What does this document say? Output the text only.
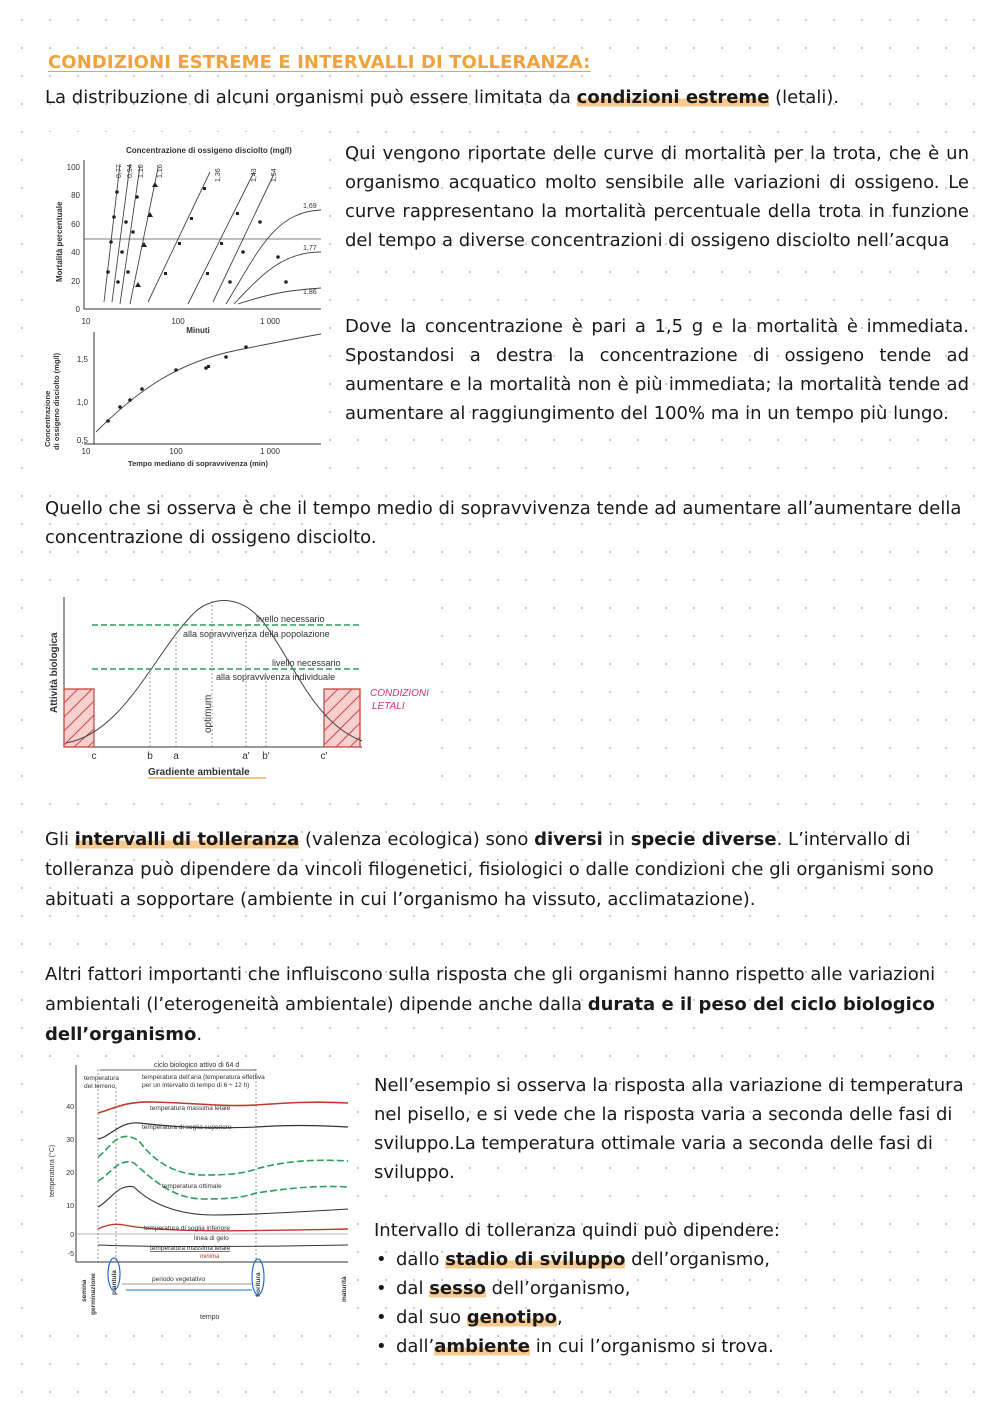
CONDIZIONI ESTREME E INTERVALLI DI TOLLERANZA:
La distribuzione di alcuni organismi può essere limitata da condizioni estreme (letali).
Concentrazione di ossigeno disciolto (mg/l)
Mortalità percentuale
100
80
60
40
20
0
10	100	1 000
Minuti
0,77 0,94 1,10 1,16	1,36	1,43 1,54
1,69
1,77
1,86
Concentrazione di ossigeno disciolto (mg/l) 1,5
1,0
0,5
10	100	1 000
Tempo mediano di sopravvivenza (min)
Qui vengono riportate delle curve di mortalità per la trota, che è un organismo acquatico molto sensibile alle variazioni di ossigeno. Le curve rappresentano la mortalità percentuale della trota in funzione del tempo a diverse concentrazioni di ossigeno disciolto nell’acqua
Dove la concentrazione è pari a 1,5 g e la mortalità è immediata. Spostandosi a destra la concentrazione di ossigeno tende ad aumentare e la mortalità non è più immediata; la mortalità tende ad aumentare al raggiungimento del 100% ma in un tempo più lungo.
Quello che si osserva è che il tempo medio di sopravvivenza tende ad aumentare all’aumentare della concentrazione di ossigeno disciolto.
Attività biologica
livello necessario
alla sopravvivenza della popolazione
livello necessario
alla sopravvivenza individuale
optimum
c	b a	a' b'	c'
Gradiente ambientale
CONDIZIONI
LETALI
Gli intervalli di tolleranza (valenza ecologica) sono diversi in specie diverse. L’intervallo di tolleranza può dipendere da vincoli filogenetici, fisiologici o dalle condizioni che gli organismi sono abituati a sopportare (ambiente in cui l’organismo ha vissuto, acclimatazione).
Altri fattori importanti che influiscono sulla risposta che gli organismi hanno rispetto alle variazioni ambientali (l’eterogeneità ambientale) dipende anche dalla durata e il peso del ciclo biologico dell’organismo.
ciclo biologico attivo di 64 d
temperatura dell’aria (temperatura effettiva
per un intervallo di tempo di 6 ÷ 12 h)
temperatura
del terreno
temperatura (°C)
40
30
20
10
0
-5
temperatura massima letale
temperatura di soglia superiore
temperatura ottimale
temperatura di soglia inferiore
linea di gelo
temperatura massima letale
minima
semina germinazione plantula	fioritura	maturità
periodo vegetativo
tempo
Nell’esempio si osserva la risposta alla variazione di temperatura nel pisello, e si vede che la risposta varia a seconda delle fasi di sviluppo.La temperatura ottimale varia a seconda delle fasi di sviluppo.
Intervallo di tolleranza quindi può dipendere:
• dallo stadio di sviluppo dell’organismo,
• dal sesso dell’organismo,
• dal suo genotipo,
• dall’ambiente in cui l’organismo si trova.
